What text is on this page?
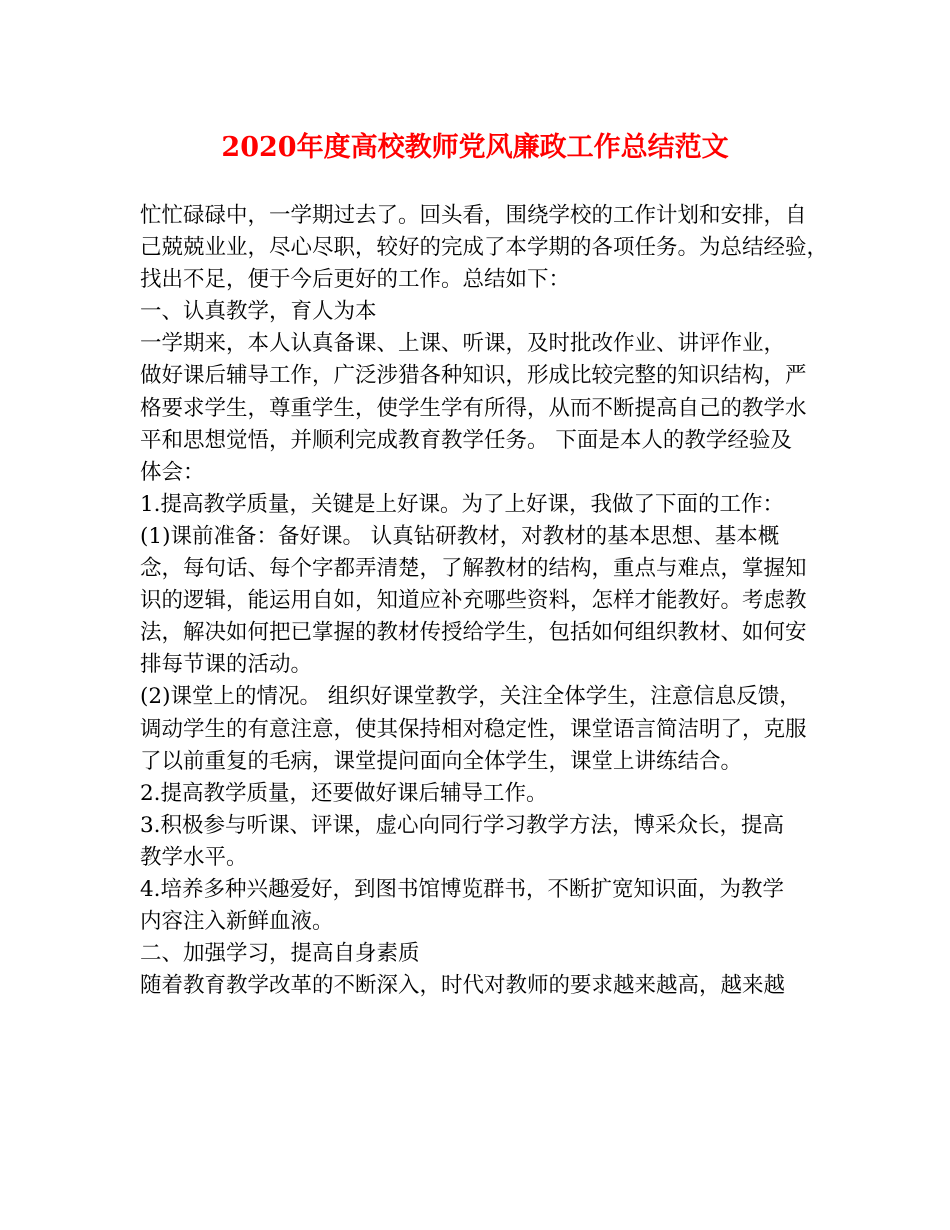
2020年度高校教师党风廉政工作总结范文
忙忙碌碌中，一学期过去了。回头看，围绕学校的工作计划和安排，自
己兢兢业业，尽心尽职，较好的完成了本学期的各项任务。为总结经验，
找出不足，便于今后更好的工作。总结如下：
一、认真教学，育人为本
一学期来，本人认真备课、上课、听课，及时批改作业、讲评作业，
做好课后辅导工作，广泛涉猎各种知识，形成比较完整的知识结构，严
格要求学生，尊重学生，使学生学有所得，从而不断提高自己的教学水
平和思想觉悟，并顺利完成教育教学任务。 下面是本人的教学经验及
体会：
1.提高教学质量，关键是上好课。为了上好课，我做了下面的工作：
(1)课前准备：备好课。 认真钻研教材，对教材的基本思想、基本概
念，每句话、每个字都弄清楚，了解教材的结构，重点与难点，掌握知
识的逻辑，能运用自如，知道应补充哪些资料，怎样才能教好。考虑教
法，解决如何把已掌握的教材传授给学生，包括如何组织教材、如何安
排每节课的活动。
(2)课堂上的情况。 组织好课堂教学，关注全体学生，注意信息反馈，
调动学生的有意注意，使其保持相对稳定性，课堂语言简洁明了，克服
了以前重复的毛病，课堂提问面向全体学生，课堂上讲练结合。
2.提高教学质量，还要做好课后辅导工作。
3.积极参与听课、评课，虚心向同行学习教学方法，博采众长，提高
教学水平。
4.培养多种兴趣爱好，到图书馆博览群书，不断扩宽知识面，为教学
内容注入新鲜血液。
二、加强学习，提高自身素质
随着教育教学改革的不断深入，时代对教师的要求越来越高，越来越
